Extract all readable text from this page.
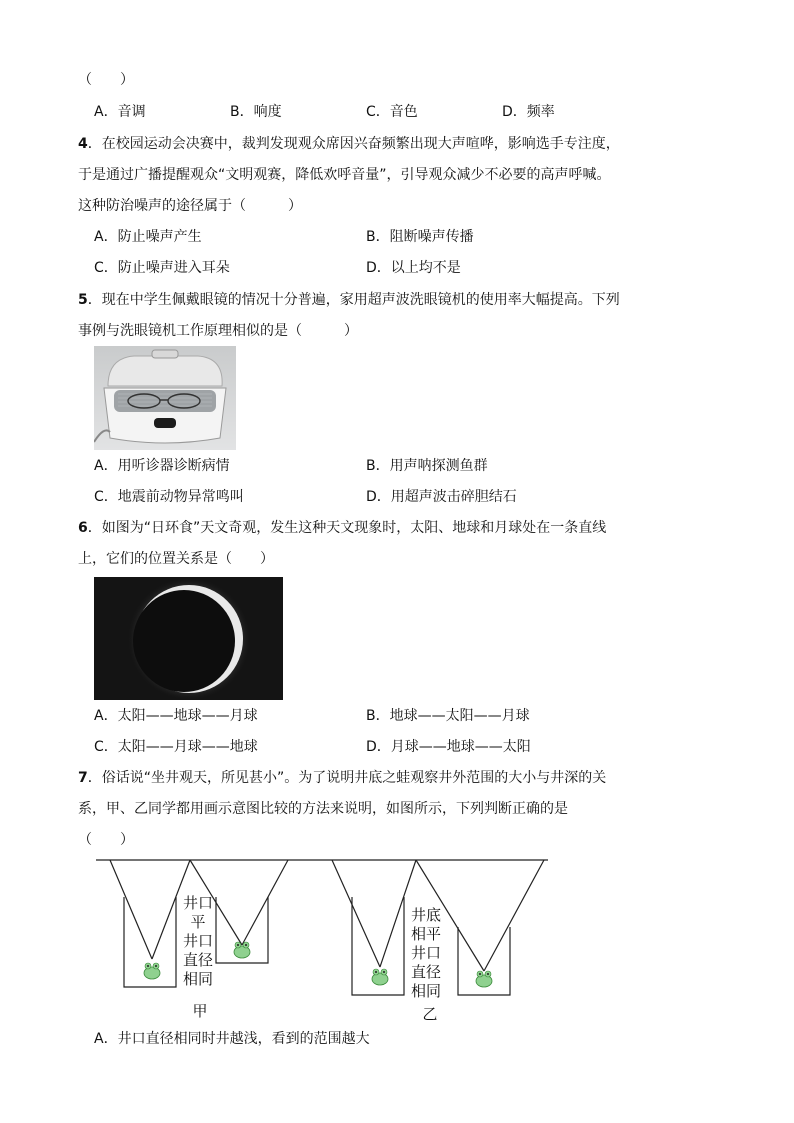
（　　）
A．音调	B．响度	C．音色	D．频率
4．在校园运动会决赛中，裁判发现观众席因兴奋频繁出现大声喧哗，影响选手专注度，
于是通过广播提醒观众“文明观赛，降低欢呼音量”，引导观众减少不必要的高声呼喊。
这种防治噪声的途径属于（　　　）
A．防止噪声产生	B．阻断噪声传播
C．防止噪声进入耳朵	D．以上均不是
5．现在中学生佩戴眼镜的情况十分普遍，家用超声波洗眼镜机的使用率大幅提高。下列
事例与洗眼镜机工作原理相似的是（　　　）
A．用听诊器诊断病情	B．用声呐探测鱼群
C．地震前动物异常鸣叫	D．用超声波击碎胆结石
6．如图为“日环食”天文奇观，发生这种天文现象时，太阳、地球和月球处在一条直线
上，它们的位置关系是（　　）
A．太阳——地球——月球	B．地球——太阳——月球
C．太阳——月球——地球	D．月球——地球——太阳
7．俗话说“坐井观天，所见甚小”。为了说明井底之蛙观察井外范围的大小与井深的关
系，甲、乙同学都用画示意图比较的方法来说明，如图所示，下列判断正确的是
（　　）
井口
平
井口
直径
相同
井底
相平
井口
直径
相同
甲	乙
A．井口直径相同时井越浅，看到的范围越大
